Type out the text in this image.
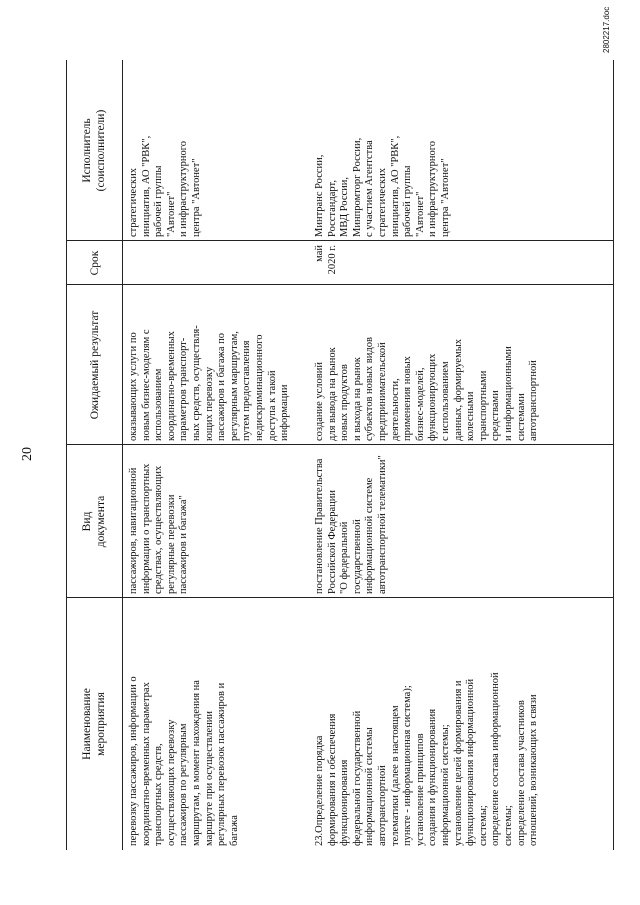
20
Наименование
мероприятия
Вид
документа
Ожидаемый результат
Срок
Исполнитель
(соисполнители)
перевозку пассажиров, информации о
координатно-временных параметрах
транспортных средств,
осуществляющих перевозку
пассажиров по регулярным
маршрутам, в момент нахождения на
маршруте при осуществлении
регулярных перевозок пассажиров и
багажа
пассажиров, навигационной
информации о транспортных
средствах, осуществляющих
регулярные перевозки
пассажиров и багажа"
оказывающих услуги по
новым бизнес-моделям с
использованием
координатно-временных
параметров транспорт-
ных средств, осуществля-
ющих перевозку
пассажиров и багажа по
регулярным маршрутам,
путем предоставления
недискриминационного
доступа к такой
информации
стратегических
инициатив, АО "РВК",
рабочей группы
"Автонет"
и инфраструктурного
центра "Автонет"
23.Определение порядка
формирования и обеспечения
функционирования
федеральной государственной
информационной системы
автотранспортной
телематики (далее в настоящем
пункте - информационная система);
установление принципов
создания и функционирования
информационной системы;
установление целей формирования и
функционирования информационной
системы;
определение состава информационной
системы;
определение состава участников
отношений, возникающих в связи
постановление Правительства
Российской Федерации
"О федеральной государственной
информационной системе
автотранспортной телематики"
создание условий
для вывода на рынок
новых продуктов
и выхода на рынок
субъектов новых видов
предпринимательской
деятельности,
применения новых
бизнес-моделей,
функционирующих
с использованием
данных, формируемых
колесными
транспортными
средствами
и информационными
системами
автотранспортной
май
2020 г.
Минтранс России,
Росстандарт,
МВД России,
Минпромторг России,
с участием Агентства
стратегических
инициатив, АО "РВК",
рабочей группы
"Автонет"
и инфраструктурного
центра "Автонет"
2802217.doc
